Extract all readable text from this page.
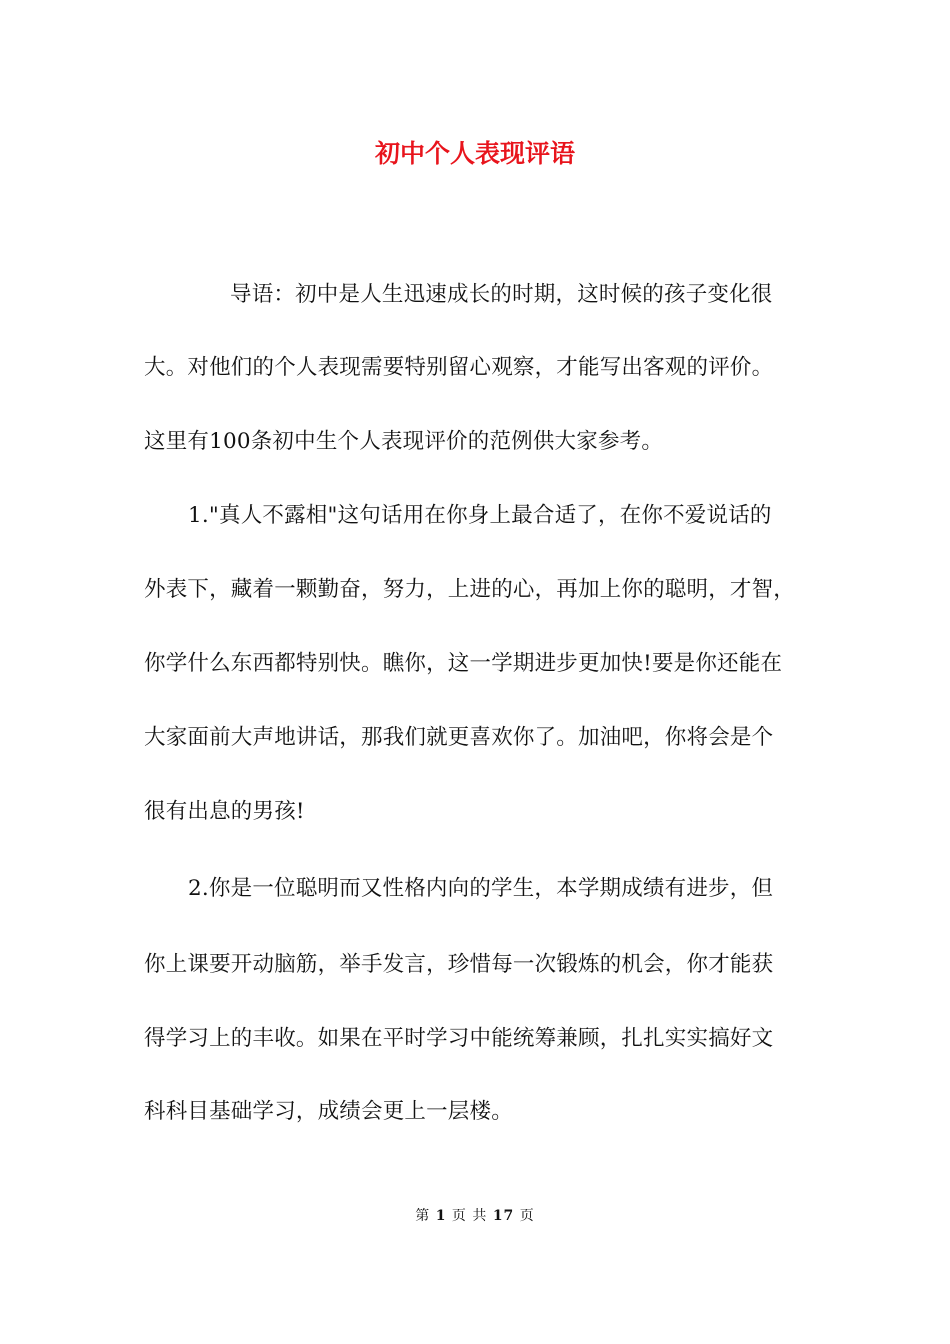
初中个人表现评语
导语：初中是人生迅速成长的时期，这时候的孩子变化很
大。对他们的个人表现需要特别留心观察，才能写出客观的评价。
这里有100条初中生个人表现评价的范例供大家参考。
1."真人不露相"这句话用在你身上最合适了，在你不爱说话的
外表下，藏着一颗勤奋，努力，上进的心，再加上你的聪明，才智，
你学什么东西都特别快。瞧你，这一学期进步更加快!要是你还能在
大家面前大声地讲话，那我们就更喜欢你了。加油吧，你将会是个
很有出息的男孩!
2.你是一位聪明而又性格内向的学生，本学期成绩有进步，但
你上课要开动脑筋，举手发言，珍惜每一次锻炼的机会，你才能获
得学习上的丰收。如果在平时学习中能统筹兼顾，扎扎实实搞好文
科科目基础学习，成绩会更上一层楼。
第 1 页 共 17 页
